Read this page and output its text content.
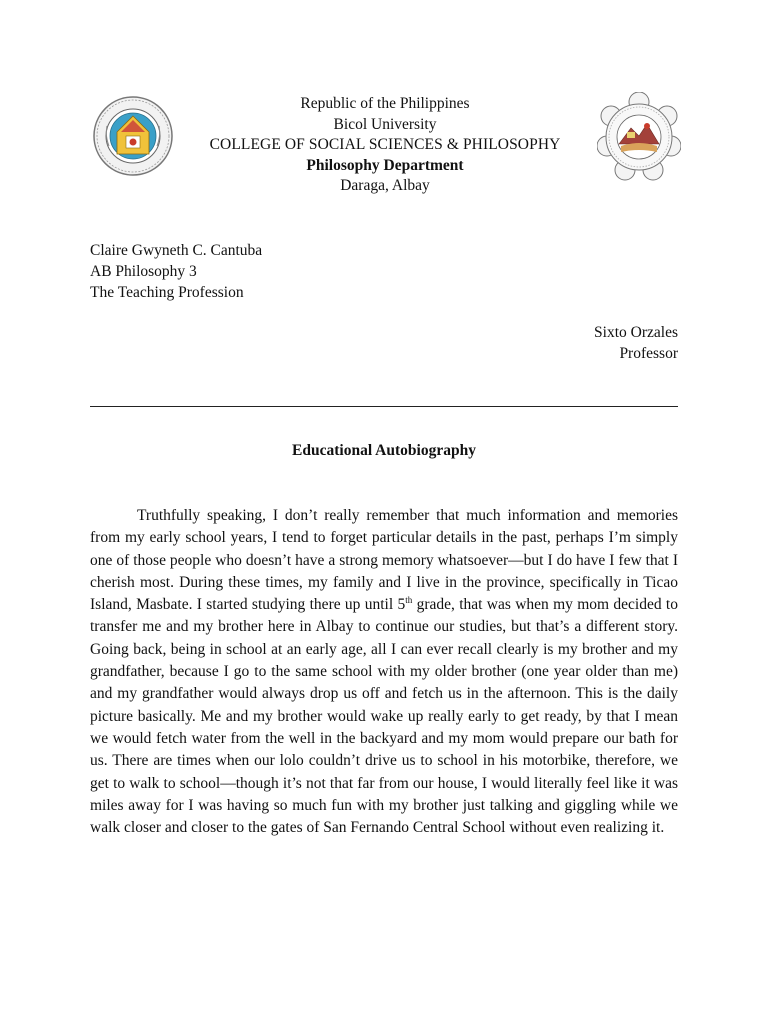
Republic of the Philippines
Bicol University
COLLEGE OF SOCIAL SCIENCES & PHILOSOPHY
Philosophy Department
Daraga, Albay
Claire Gwyneth C. Cantuba
AB Philosophy 3
The Teaching Profession
Sixto Orzales
Professor
Educational Autobiography

Truthfully speaking, I don’t really remember that much information and memories from my early school years, I tend to forget particular details in the past, perhaps I’m simply one of those people who doesn’t have a strong memory whatsoever—but I do have I few that I cherish most. During these times, my family and I live in the province, specifically in Ticao Island, Masbate. I started studying there up until 5th grade, that was when my mom decided to transfer me and my brother here in Albay to continue our studies, but that’s a different story. Going back, being in school at an early age, all I can ever recall clearly is my brother and my grandfather, because I go to the same school with my older brother (one year older than me) and my grandfather would always drop us off and fetch us in the afternoon. This is the daily picture basically. Me and my brother would wake up really early to get ready, by that I mean we would fetch water from the well in the backyard and my mom would prepare our bath for us. There are times when our lolo couldn’t drive us to school in his motorbike, therefore, we get to walk to school—though it’s not that far from our house, I would literally feel like it was miles away for I was having so much fun with my brother just talking and giggling while we walk closer and closer to the gates of San Fernando Central School without even realizing it.
